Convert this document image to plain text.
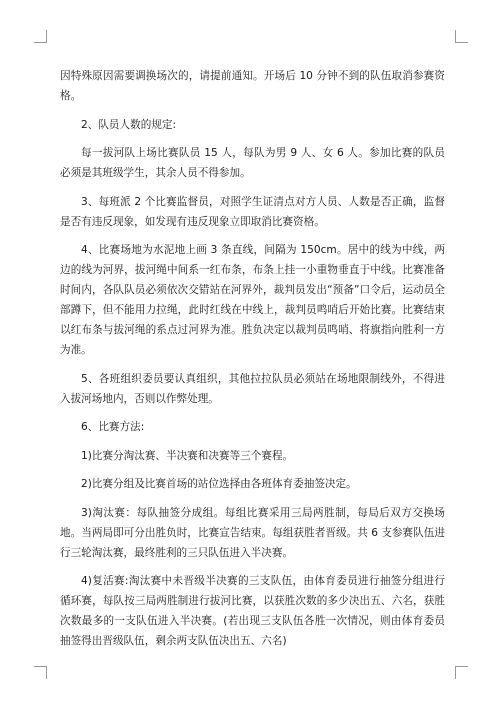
因特殊原因需要调换场次的，请提前通知。开场后 10 分钟不到的队伍取消参赛资格。

2、队员人数的规定:

每一拔河队上场比赛队员 15 人，每队为男 9 人、女 6 人。参加比赛的队员必须是其班级学生，其余人员不得参加。

3、每班派 2 个比赛监督员，对照学生证清点对方人员、人数是否正确，监督是否有违反现象，如发现有违反现象立即取消比赛资格。

4、比赛场地为水泥地上画 3 条直线，间隔为 150cm。居中的线为中线，两边的线为河界，拔河绳中间系一红布条，布条上挂一小重物垂直于中线。比赛准备时间内，各队队员必须依次交错站在河界外，裁判员发出“预备”口令后，运动员全部蹲下，但不能用力拉绳，此时红线在中线上，裁判员鸣哨后开始比赛。比赛结束以红布条与拔河绳的系点过河界为准。胜负决定以裁判员鸣哨、将旗指向胜利一方为准。

5、各班组织委员要认真组织，其他拉拉队员必须站在场地限制线外，不得进入拔河场地内，否则以作弊处理。

6、比赛方法:

1)比赛分淘汰赛、半决赛和决赛等三个赛程。

2)比赛分组及比赛首场的站位选择由各班体育委抽签决定。

3)淘汰赛：每队抽签分成组。每组比赛采用三局两胜制，每局后双方交换场地。当两局即可分出胜负时，比赛宣告结束。每组获胜者晋级。共 6 支参赛队伍进行三轮淘汰赛，最终胜利的三只队伍进入半决赛。

4)复活赛:淘汰赛中未晋级半决赛的三支队伍，由体育委员进行抽签分组进行循环赛，每队按三局两胜制进行拔河比赛，以获胜次数的多少决出五、六名，获胜次数最多的一支队伍进入半决赛。(若出现三支队伍各胜一次情况，则由体育委员抽签得出晋级队伍，剩余两支队伍决出五、六名)
